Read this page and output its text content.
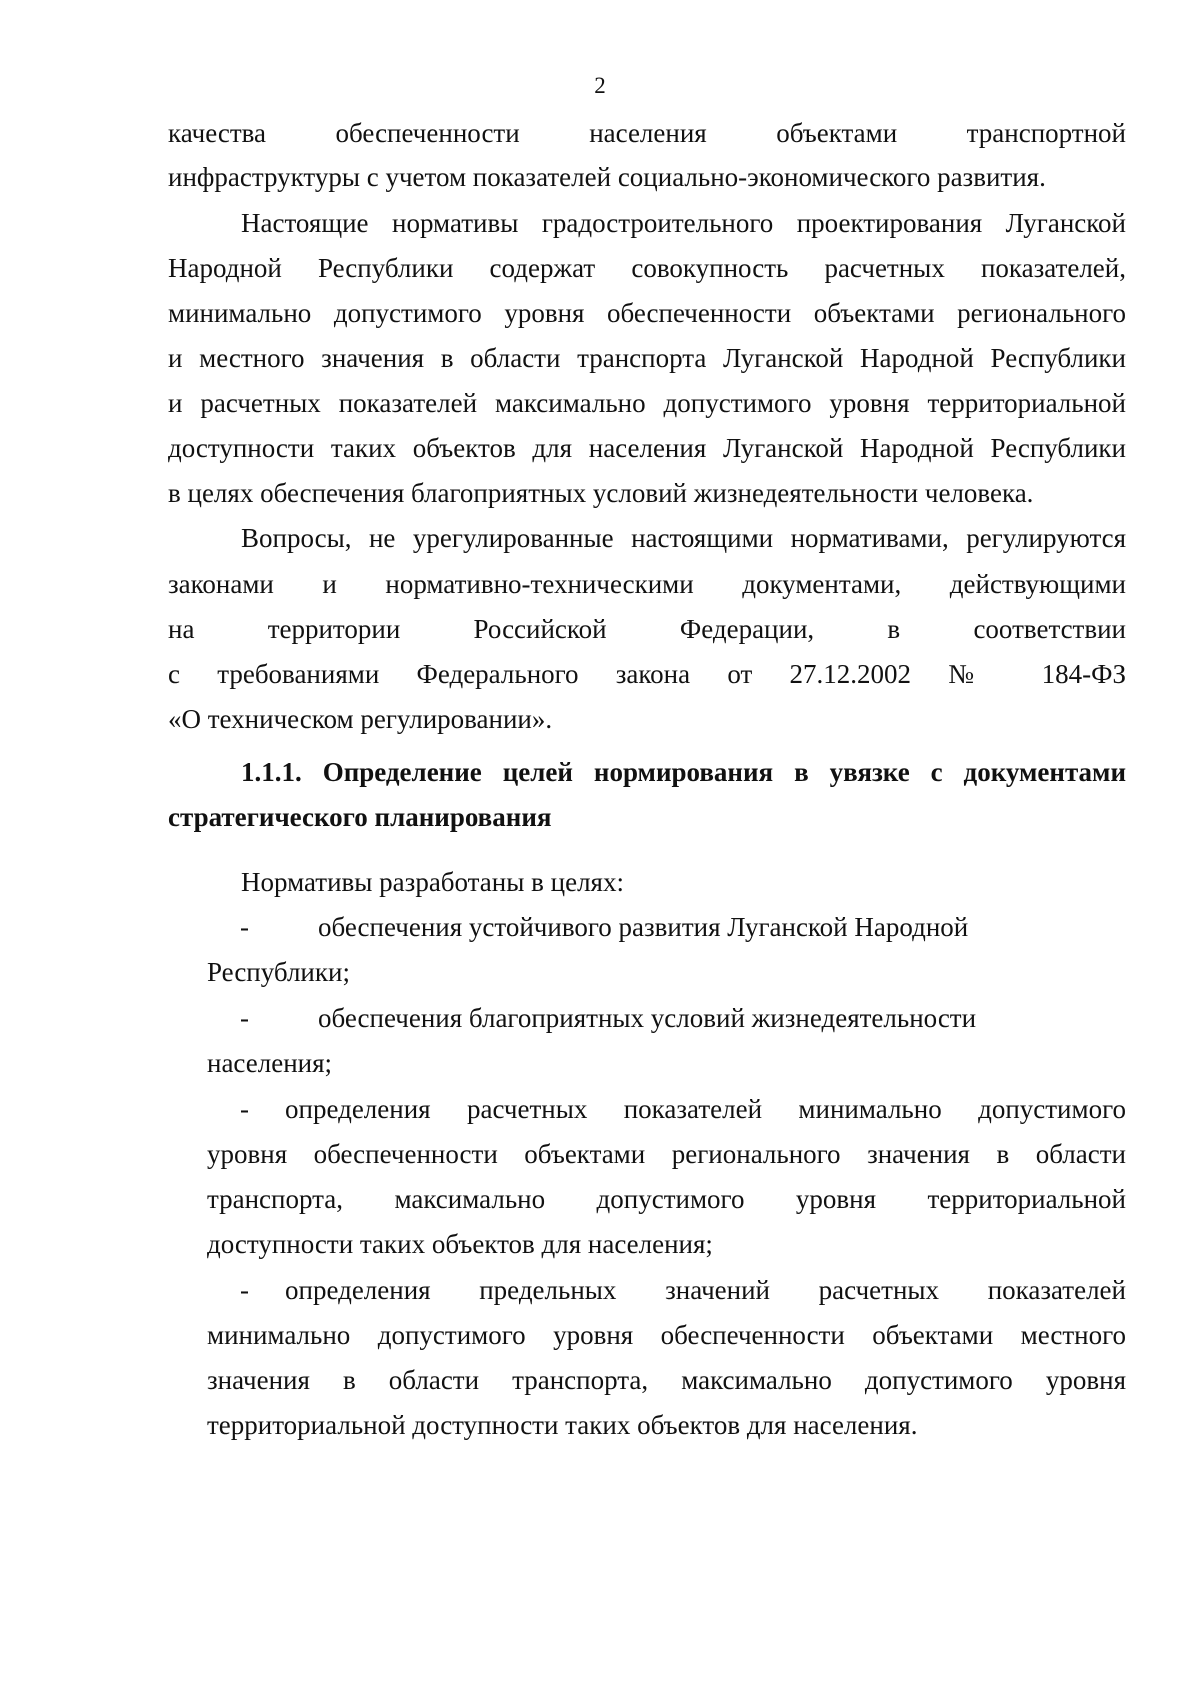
2
качества обеспеченности населения объектами транспортной
инфраструктуры с учетом показателей социально-экономического развития.
Настоящие нормативы градостроительного проектирования Луганской
Народной Республики содержат совокупность расчетных показателей,
минимально допустимого уровня обеспеченности объектами регионального
и местного значения в области транспорта Луганской Народной Республики
и расчетных показателей максимально допустимого уровня территориальной
доступности таких объектов для населения Луганской Народной Республики
в целях обеспечения благоприятных условий жизнедеятельности человека.
Вопросы, не урегулированные настоящими нормативами, регулируются
законами и нормативно-техническими документами, действующими
на территории Российской Федерации, в соответствии
с требованиями Федерального закона от 27.12.2002 № 184-ФЗ
«О техническом регулировании».
1.1.1. Определение целей нормирования в увязке с документами
стратегического планирования
Нормативы разработаны в целях:
-	обеспечения устойчивого развития Луганской Народной
Республики;
-	обеспечения благоприятных условий жизнедеятельности
населения;
- определения расчетных показателей минимально допустимого
уровня обеспеченности объектами регионального значения в области
транспорта, максимально допустимого уровня территориальной
доступности таких объектов для населения;
- определения предельных значений расчетных показателей
минимально допустимого уровня обеспеченности объектами местного
значения в области транспорта, максимально допустимого уровня
территориальной доступности таких объектов для населения.
